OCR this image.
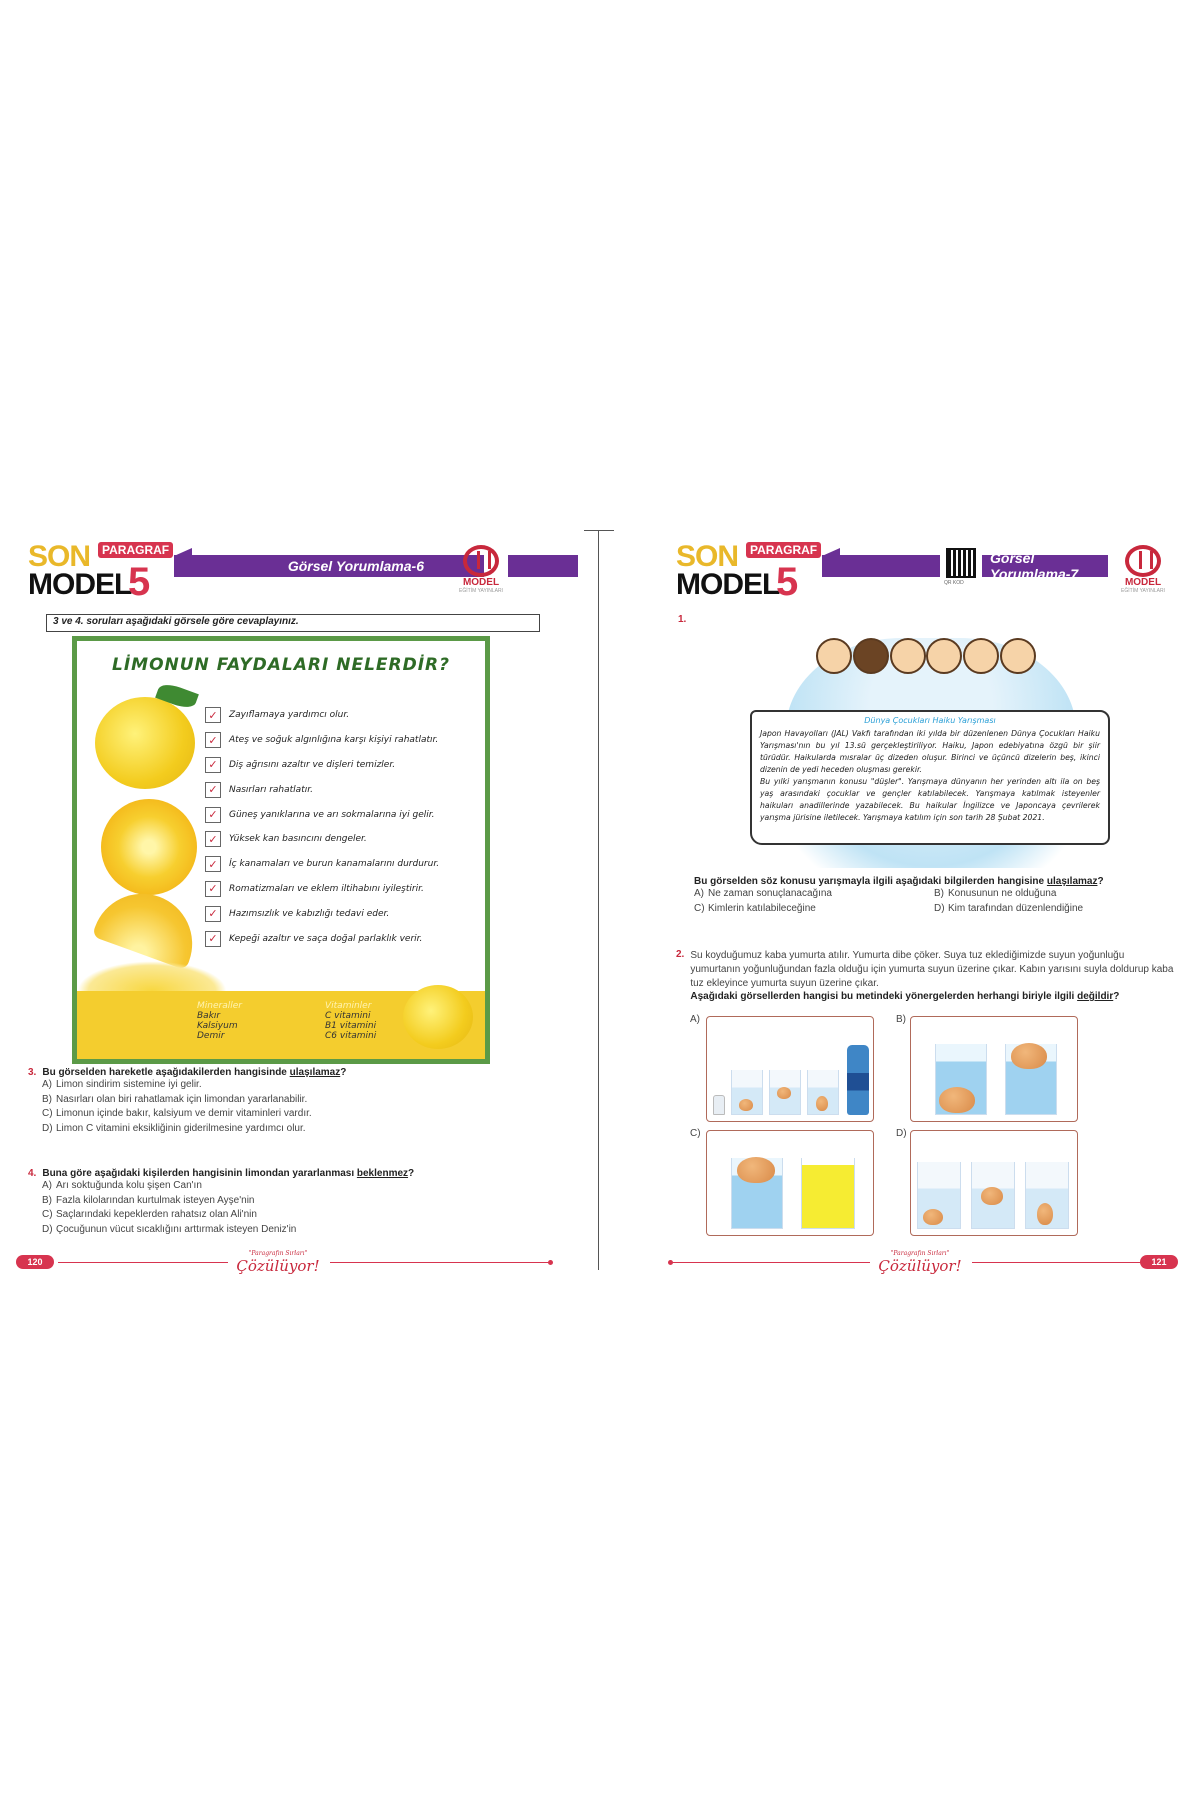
SON PARAGRAF
MODEL
5	Görsel Yorumlama-6
MODEL
EĞİTİM YAYINLARI
3 ve 4. soruları aşağıdaki görsele göre cevaplayınız.
LİMONUN FAYDALARI NELERDİR?
✓	Zayıflamaya yardımcı olur.
✓	Ateş ve soğuk algınlığına karşı kişiyi rahatlatır.
✓	Diş ağrısını azaltır ve dişleri temizler.
✓	Nasırları rahatlatır.
✓	Güneş yanıklarına ve arı sokmalarına iyi gelir.
✓	Yüksek kan basıncını dengeler.
✓	İç kanamaları ve burun kanamalarını durdurur.
✓	Romatizmaları ve eklem iltihabını iyileştirir.
✓	Hazımsızlık ve kabızlığı tedavi eder.
✓	Kepeği azaltır ve saça doğal parlaklık verir.
Mineraller
Bakır
Kalsiyum
Demir
Vitaminler
C vitamini
B1 vitamini
C6 vitamini
3. Bu görselden hareketle aşağıdakilerden hangisinde ulaşılamaz?
A) Limon sindirim sistemine iyi gelir.
B) Nasırları olan biri rahatlamak için limondan yararlanabilir.
C) Limonun içinde bakır, kalsiyum ve demir vitaminleri vardır.
D) Limon C vitamini eksikliğinin giderilmesine yardımcı olur.
4. Buna göre aşağıdaki kişilerden hangisinin limondan yararlanması beklenmez?
A) Arı soktuğunda kolu şişen Can'ın
B) Fazla kilolarından kurtulmak isteyen Ayşe'nin
C) Saçlarındaki kepeklerden rahatsız olan Ali'nin
D) Çocuğunun vücut sıcaklığını arttırmak isteyen Deniz'in
120
"Paragrafın Sırları"
Çözülüyor!
SON PARAGRAF
MODEL
5	QR KOD
Görsel Yorumlama-7
MODEL
EĞİTİM YAYINLARI
1.
Dünya Çocukları Haiku Yarışması

Japon Havayolları (JAL) Vakfı tarafından iki yılda bir düzenlenen Dünya Çocukları Haiku Yarışması'nın bu yıl 13.sü gerçekleştiriliyor. Haiku, Japon edebiyatına özgü bir şiir türüdür. Haikularda mısralar üç dizeden oluşur. Birinci ve üçüncü dizelerin beş, ikinci dizenin de yedi heceden oluşması gerekir.

Bu yılki yarışmanın konusu "düşler". Yarışmaya dünyanın her yerinden altı ila on beş yaş arasındaki çocuklar ve gençler katılabilecek. Yarışmaya katılmak isteyenler haikuları anadillerinde yazabilecek. Bu haikular İngilizce ve Japoncaya çevrilerek yarışma jürisine iletilecek. Yarışmaya katılım için son tarih 28 Şubat 2021.

Bu görselden söz konusu yarışmayla ilgili aşağıdaki bilgilerden hangisine ulaşılamaz?
A) Ne zaman sonuçlanacağına	B) Konusunun ne olduğuna
C) Kimlerin katılabileceğine	D) Kim tarafından düzenlendiğine
2. Su koyduğumuz kaba yumurta atılır. Yumurta dibe çöker. Suya tuz eklediğimizde suyun yoğunluğu yumurtanın yoğunluğundan fazla olduğu için yumurta suyun üzerine çıkar. Kabın yarısını suyla doldurup kaba tuz ekleyince yumurta suyun üzerine çıkar.
Aşağıdaki görsellerden hangisi bu metindeki yönergelerden herhangi biriyle ilgili değildir?
A)	B)
C)	D)
"Paragrafın Sırları"
Çözülüyor!	121
